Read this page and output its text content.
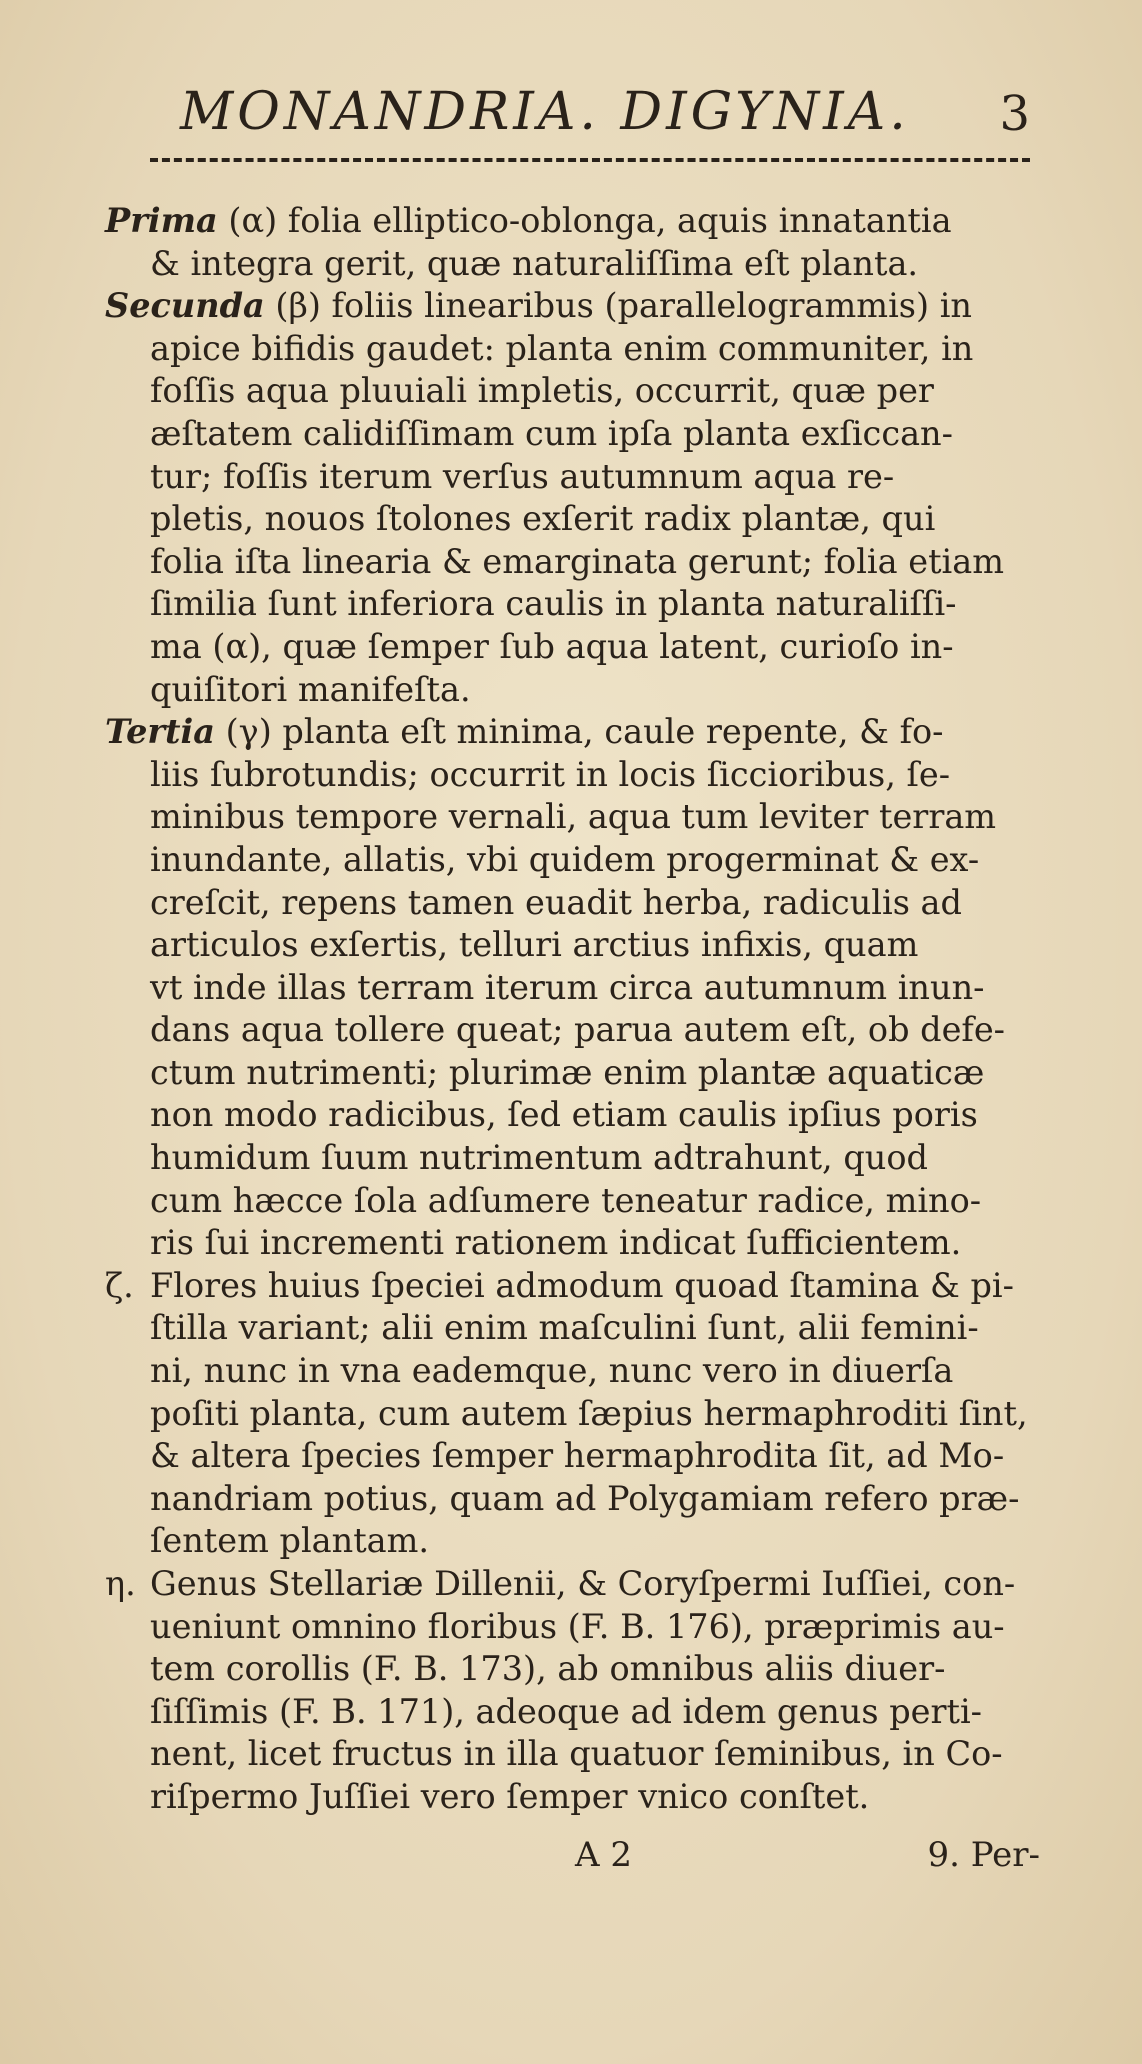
MONANDRIA. DIGYNIA. 3
Prima (α) folia elliptico-oblonga, aquis innatantia
& integra gerit, quæ naturaliſſima eſt planta.
Secunda (β) foliis linearibus (parallelogrammis) in
apice bifidis gaudet: planta enim communiter, in
foſſis aqua pluuiali impletis, occurrit, quæ per
æſtatem calidiſſimam cum ipſa planta exſiccan-
tur; foſſis iterum verſus autumnum aqua re-
pletis, nouos ſtolones exſerit radix plantæ, qui
folia iſta linearia & emarginata gerunt; folia etiam
ſimilia ſunt inferiora caulis in planta naturaliſſi-
ma (α), quæ ſemper ſub aqua latent, curioſo in-
quiſitori manifeſta.
Tertia (γ) planta eſt minima, caule repente, & fo-
liis ſubrotundis; occurrit in locis ſiccioribus, ſe-
minibus tempore vernali, aqua tum leviter terram
inundante, allatis, vbi quidem progerminat & ex-
creſcit, repens tamen euadit herba, radiculis ad
articulos exſertis, telluri arctius infixis, quam
vt inde illas terram iterum circa autumnum inun-
dans aqua tollere queat; parua autem eſt, ob defe-
ctum nutrimenti; plurimæ enim plantæ aquaticæ
non modo radicibus, ſed etiam caulis ipſius poris
humidum ſuum nutrimentum adtrahunt, quod
cum hæcce ſola adſumere teneatur radice, mino-
ris ſui incrementi rationem indicat ſufficientem.
ζ. Flores huius ſpeciei admodum quoad ſtamina & pi-
ſtilla variant; alii enim maſculini ſunt, alii femini-
ni, nunc in vna eademque, nunc vero in diuerſa
poſiti planta, cum autem ſæpius hermaphroditi ſint,
& altera ſpecies ſemper hermaphrodita ſit, ad Mo-
nandriam potius, quam ad Polygamiam refero præ-
ſentem plantam.
η. Genus Stellariæ Dillenii, & Coryſpermi Iuſſiei, con-
ueniunt omnino floribus (F. B. 176), præprimis au-
tem corollis (F. B. 173), ab omnibus aliis diuer-
ſiſſimis (F. B. 171), adeoque ad idem genus perti-
nent, licet fructus in illa quatuor ſeminibus, in Co-
riſpermo Juſſiei vero ſemper vnico conſtet.
A 2	9. Per-
